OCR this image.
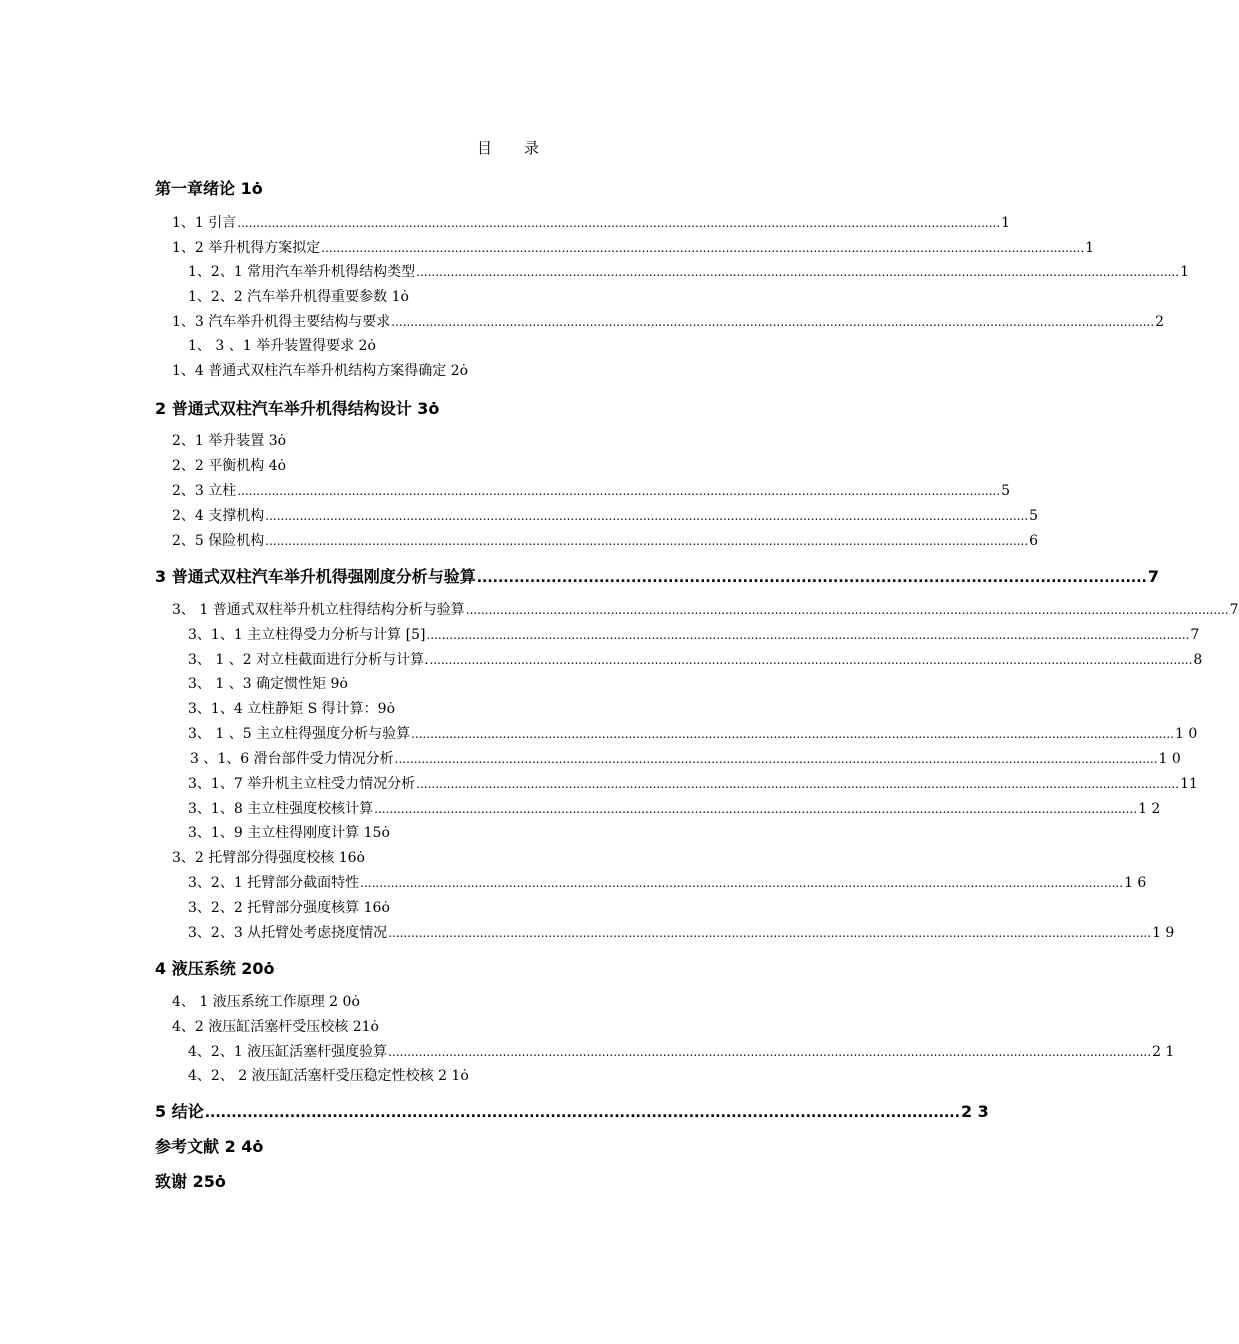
目 录
第一章绪论 1 ȯ
1、1 引言 ........................................................................................................................................................................................................ 1
1、2 举升机得方案拟定 ........................................................................................................................................................................................................ 1
1、2、1 常用汽车举升机得结构类型 ........................................................................................................................................................................................................ 1
1、2、2 汽车举升机得重要参数 1 ȯ
1、3 汽车举升机得主要结构与要求 ........................................................................................................................................................................................................ 2
1、 3 、1 举升装置得要求 2 ȯ
1、4 普通式双柱汽车举升机结构方案得确定 2 ȯ
2 普通式双柱汽车举升机得结构设计 3 ȯ
2、1 举升装置 3 ȯ
2、2 平衡机构 4 ȯ
2、3 立柱 ........................................................................................................................................................................................................ 5
2、4 支撑机构 ........................................................................................................................................................................................................ 5
2、5 保险机构 ........................................................................................................................................................................................................ 6
3 普通式双柱汽车举升机得强刚度分析与验算 .............................................................................................................................. 7
3、 1 普通式双柱举升机立柱得结构分析与验算 ........................................................................................................................................................................................................ 7
3、1、1 主立柱得受力分析与计算 [5] ........................................................................................................................................................................................................ 7
3、 1 、2 对立柱截面进行分析与计算. ........................................................................................................................................................................................................ 8
3、 1 、3 确定惯性矩 9 ȯ
3、1、4 立柱静矩 S 得计算：9 ȯ
3、 1 、5 主立柱得强度分析与验算 ........................................................................................................................................................................................................ 1 0
3 、1、6 滑台部件受力情况分析 ........................................................................................................................................................................................................ 1 0
3、1、7 举升机主立柱受力情况分析 ........................................................................................................................................................................................................ 11
3、1、8 主立柱强度校核计算 ........................................................................................................................................................................................................ 1 2
3、1、9 主立柱得刚度计算 15 ȯ
3、2 托臂部分得强度校核 16 ȯ
3、2、1 托臂部分截面特性 ........................................................................................................................................................................................................ 1 6
3、2、2 托臂部分强度核算 16 ȯ
3、2、3 从托臂处考虑挠度情况 ........................................................................................................................................................................................................ 1 9
4 液压系统 20 ȯ
4、 1 液压系统工作原理 2 0 ȯ
4、2 液压缸活塞杆受压校核 21 ȯ
4、2、1 液压缸活塞杆强度验算 ........................................................................................................................................................................................................ 2 1
4、2、 2 液压缸活塞杆受压稳定性校核 2 1 ȯ
5 结论 .............................................................................................................................................. 2 3
参考文献 2 4 ȯ
致谢 25 ȯ
